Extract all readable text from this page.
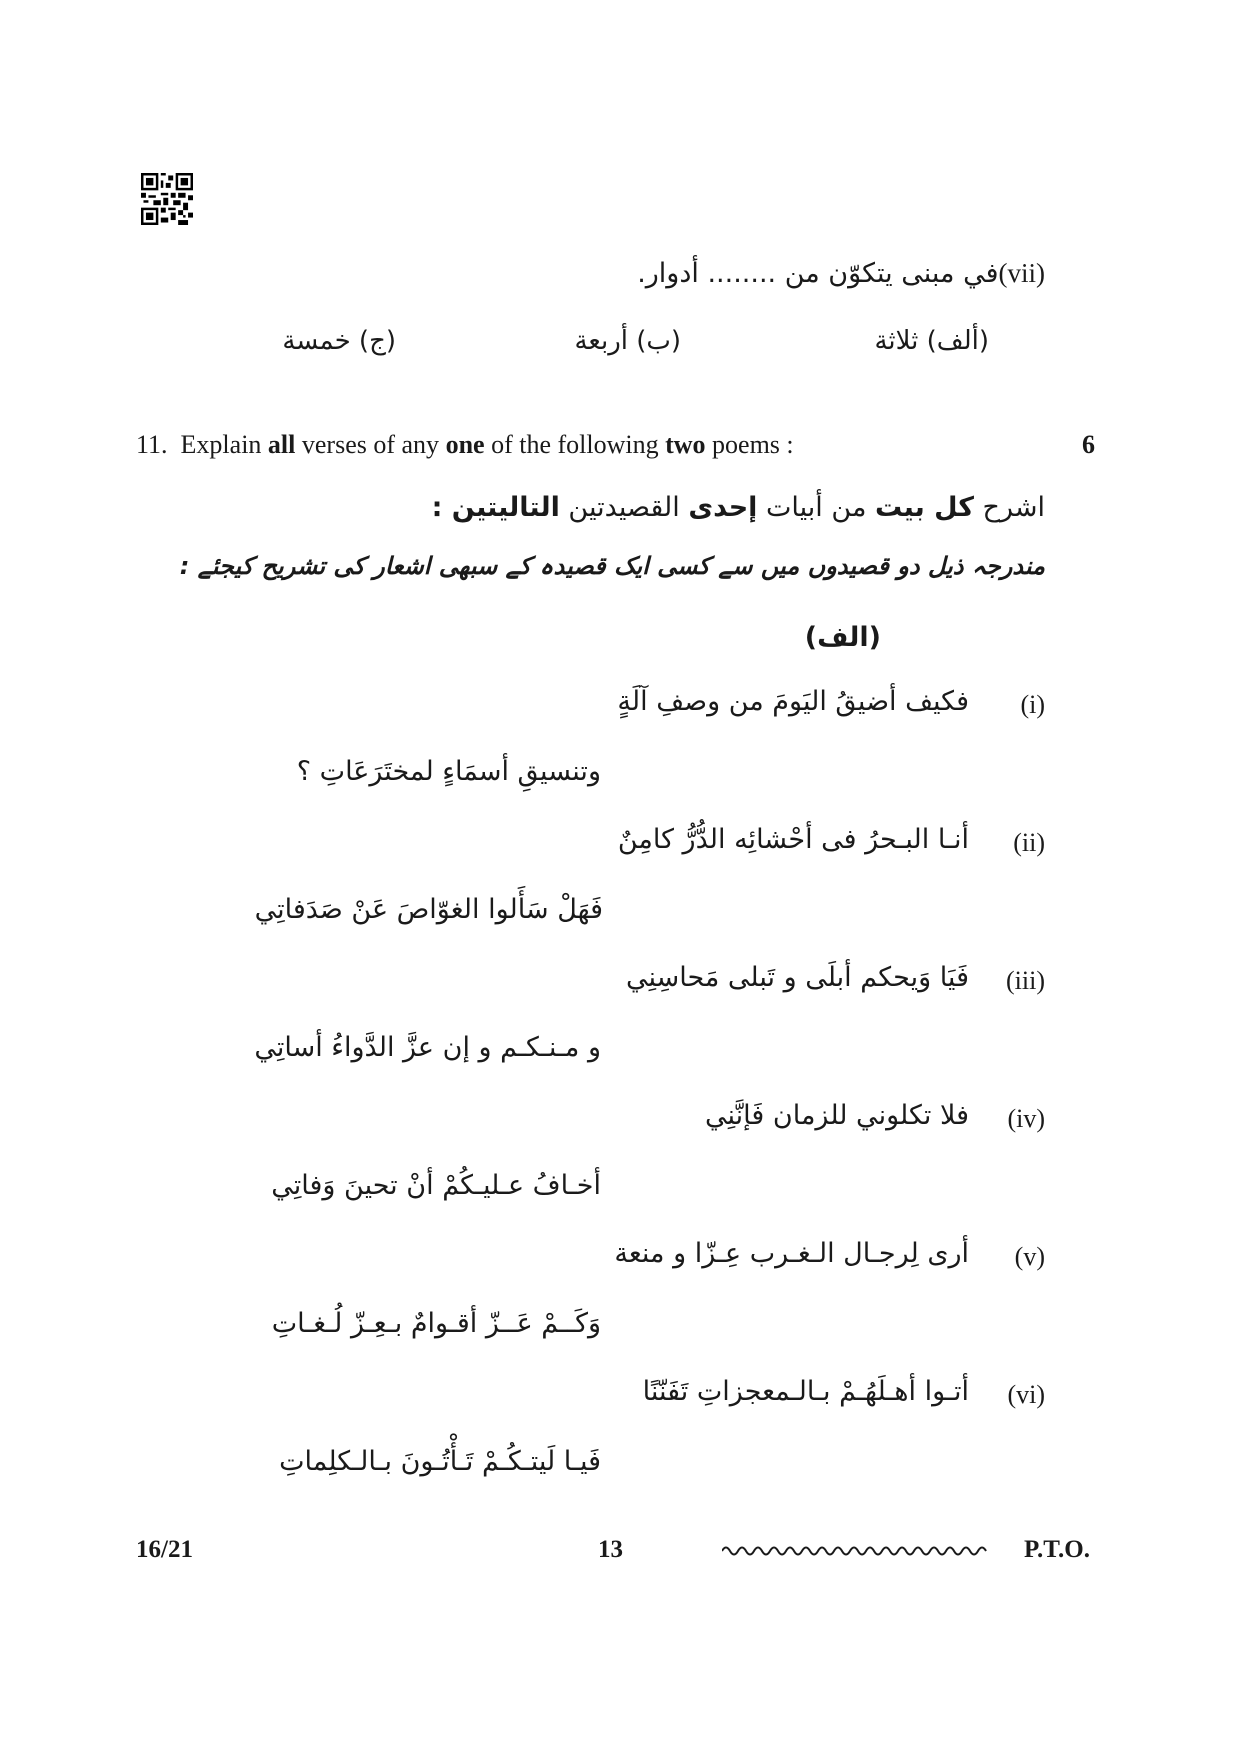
(vii)في مبنى يتكوّن من ........ أدوار.
(ألف) ثلاثة
(ب) أربعة
(ج) خمسة
11. Explain all verses of any one of the following two poems :	6
اشرح كل بيت من أبيات إحدى القصيدتين التاليتين :
مندرجہ ذیل دو قصیدوں میں سے کسی ایک قصیدہ کے سبھی اشعار کی تشریح کیجئے :
(الف)
(i)
فكيف أضيقُ اليَومَ من وصفِ آلَةٍ
وتنسيقِ أسمَاءٍ لمختَرَعَاتِ ؟
(ii)
أنـا البـحرُ فى أحْشائِه الدُّرُّ كامِنٌ
فَهَلْ سَأَلوا الغوّاصَ عَنْ صَدَفاتِي
(iii)
فَيَا وَيحكم أبلَى و تَبلى مَحاسِنِي
و مـنـكـم و إن عزَّ الدَّواءُ أساتِي
(iv)
فلا تكلوني للزمان فَإنَّنِي
أخـافُ عـليـكُمْ أنْ تحينَ وَفاتِي
(v)
أرى لِرجـال الـغـرب عِـزّا و منعة
وَكَــمْ عَــزّ أقـوامٌ بـعِـزّ لُـغـاتِ
(vi)
أتـوا أهـلَهُـمْ بـالـمعجزاتِ تَفَنّنًا
فَيـا لَيتـكُـمْ تَـأْتُـونَ بـالـكلِماتِ
16/21	13	P.T.O.
